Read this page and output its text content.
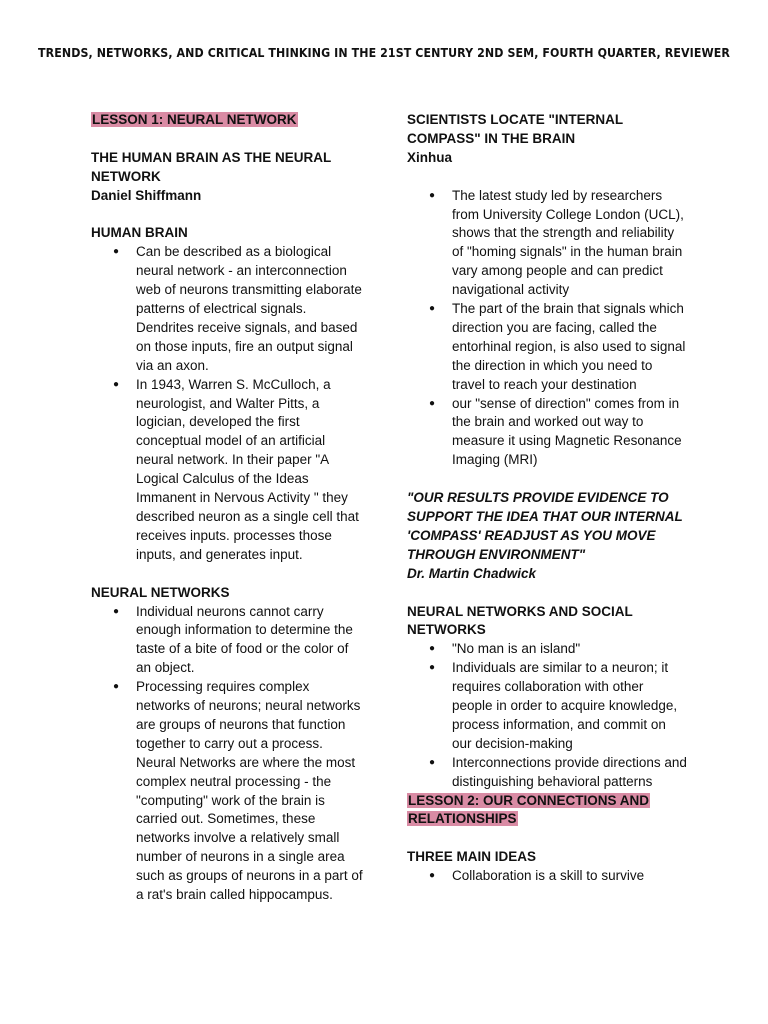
TRENDS, NETWORKS, AND CRITICAL THINKING IN THE 21ST CENTURY 2ND SEM, FOURTH QUARTER, REVIEWER

LESSON 1: NEURAL NETWORK

THE HUMAN BRAIN AS THE NEURAL

NETWORK

Daniel Shiffmann

HUMAN BRAIN

● Can be described as a biological neural network - an interconnection web of neurons transmitting elaborate patterns of electrical signals. Dendrites receive signals, and based on those inputs, fire an output signal via an axon.
● In 1943, Warren S. McCulloch, a neurologist, and Walter Pitts, a logician, developed the first conceptual model of an artificial neural network. In their paper "A Logical Calculus of the Ideas Immanent in Nervous Activity " they described neuron as a single cell that receives inputs. processes those inputs, and generates input.

NEURAL NETWORKS

● Individual neurons cannot carry enough information to determine the taste of a bite of food or the color of an object.
● Processing requires complex networks of neurons; neural networks are groups of neurons that function together to carry out a process. Neural Networks are where the most complex neutral processing - the "computing" work of the brain is carried out. Sometimes, these networks involve a relatively small number of neurons in a single area such as groups of neurons in a part of a rat's brain called hippocampus.

SCIENTISTS LOCATE "INTERNAL

COMPASS" IN THE BRAIN

Xinhua

● The latest study led by researchers from University College London (UCL), shows that the strength and reliability of "homing signals" in the human brain vary among people and can predict navigational activity
● The part of the brain that signals which direction you are facing, called the entorhinal region, is also used to signal the direction in which you need to travel to reach your destination
● our "sense of direction" comes from in the brain and worked out way to measure it using Magnetic Resonance Imaging (MRI)

"OUR RESULTS PROVIDE EVIDENCE TO SUPPORT THE IDEA THAT OUR INTERNAL 'COMPASS' READJUST AS YOU MOVE THROUGH ENVIRONMENT"

Dr. Martin Chadwick

NEURAL NETWORKS AND SOCIAL

NETWORKS

● "No man is an island"
● Individuals are similar to a neuron; it requires collaboration with other people in order to acquire knowledge, process information, and commit on our decision-making
● Interconnections provide directions and distinguishing behavioral patterns

LESSON 2: OUR CONNECTIONS AND

RELATIONSHIPS

THREE MAIN IDEAS

● Collaboration is a skill to survive
